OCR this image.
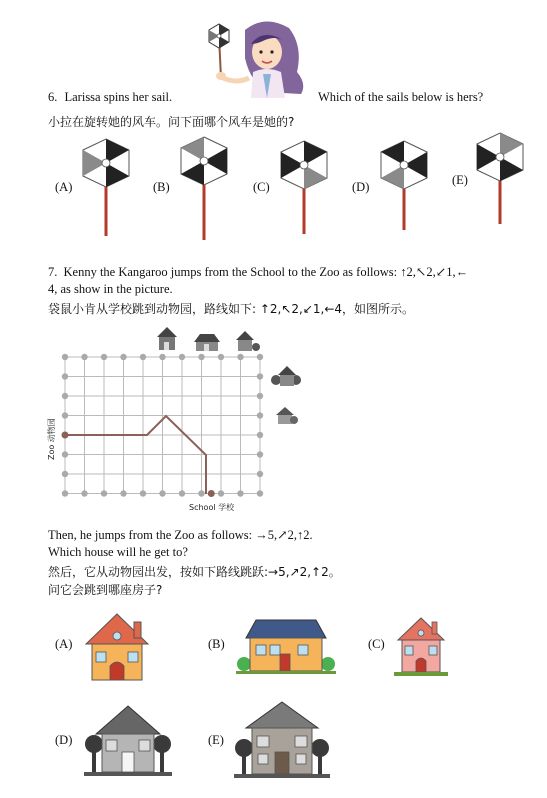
6. Larissa spins her sail.	Which of the sails below is hers?
小拉在旋转她的风车。问下面哪个风车是她的?
(A)	(B)	(C)	(D)	(E)
7. Kenny the Kangaroo jumps from the School to the Zoo as follows: ↑2,↖2,↙1,←
4, as show in the picture.
袋鼠小肯从学校跳到动物园，路线如下: ↑2,↖2,↙1,←4，如图所示。
Zoo 动物园
School 学校
Then, he jumps from the Zoo as follows: →5,↗2,↑2.
Which house will he get to?
然后，它从动物园出发，按如下路线跳跃:→5,↗2,↑2。
问它会跳到哪座房子?
(A)	(B)	(C)
(D)	(E)
